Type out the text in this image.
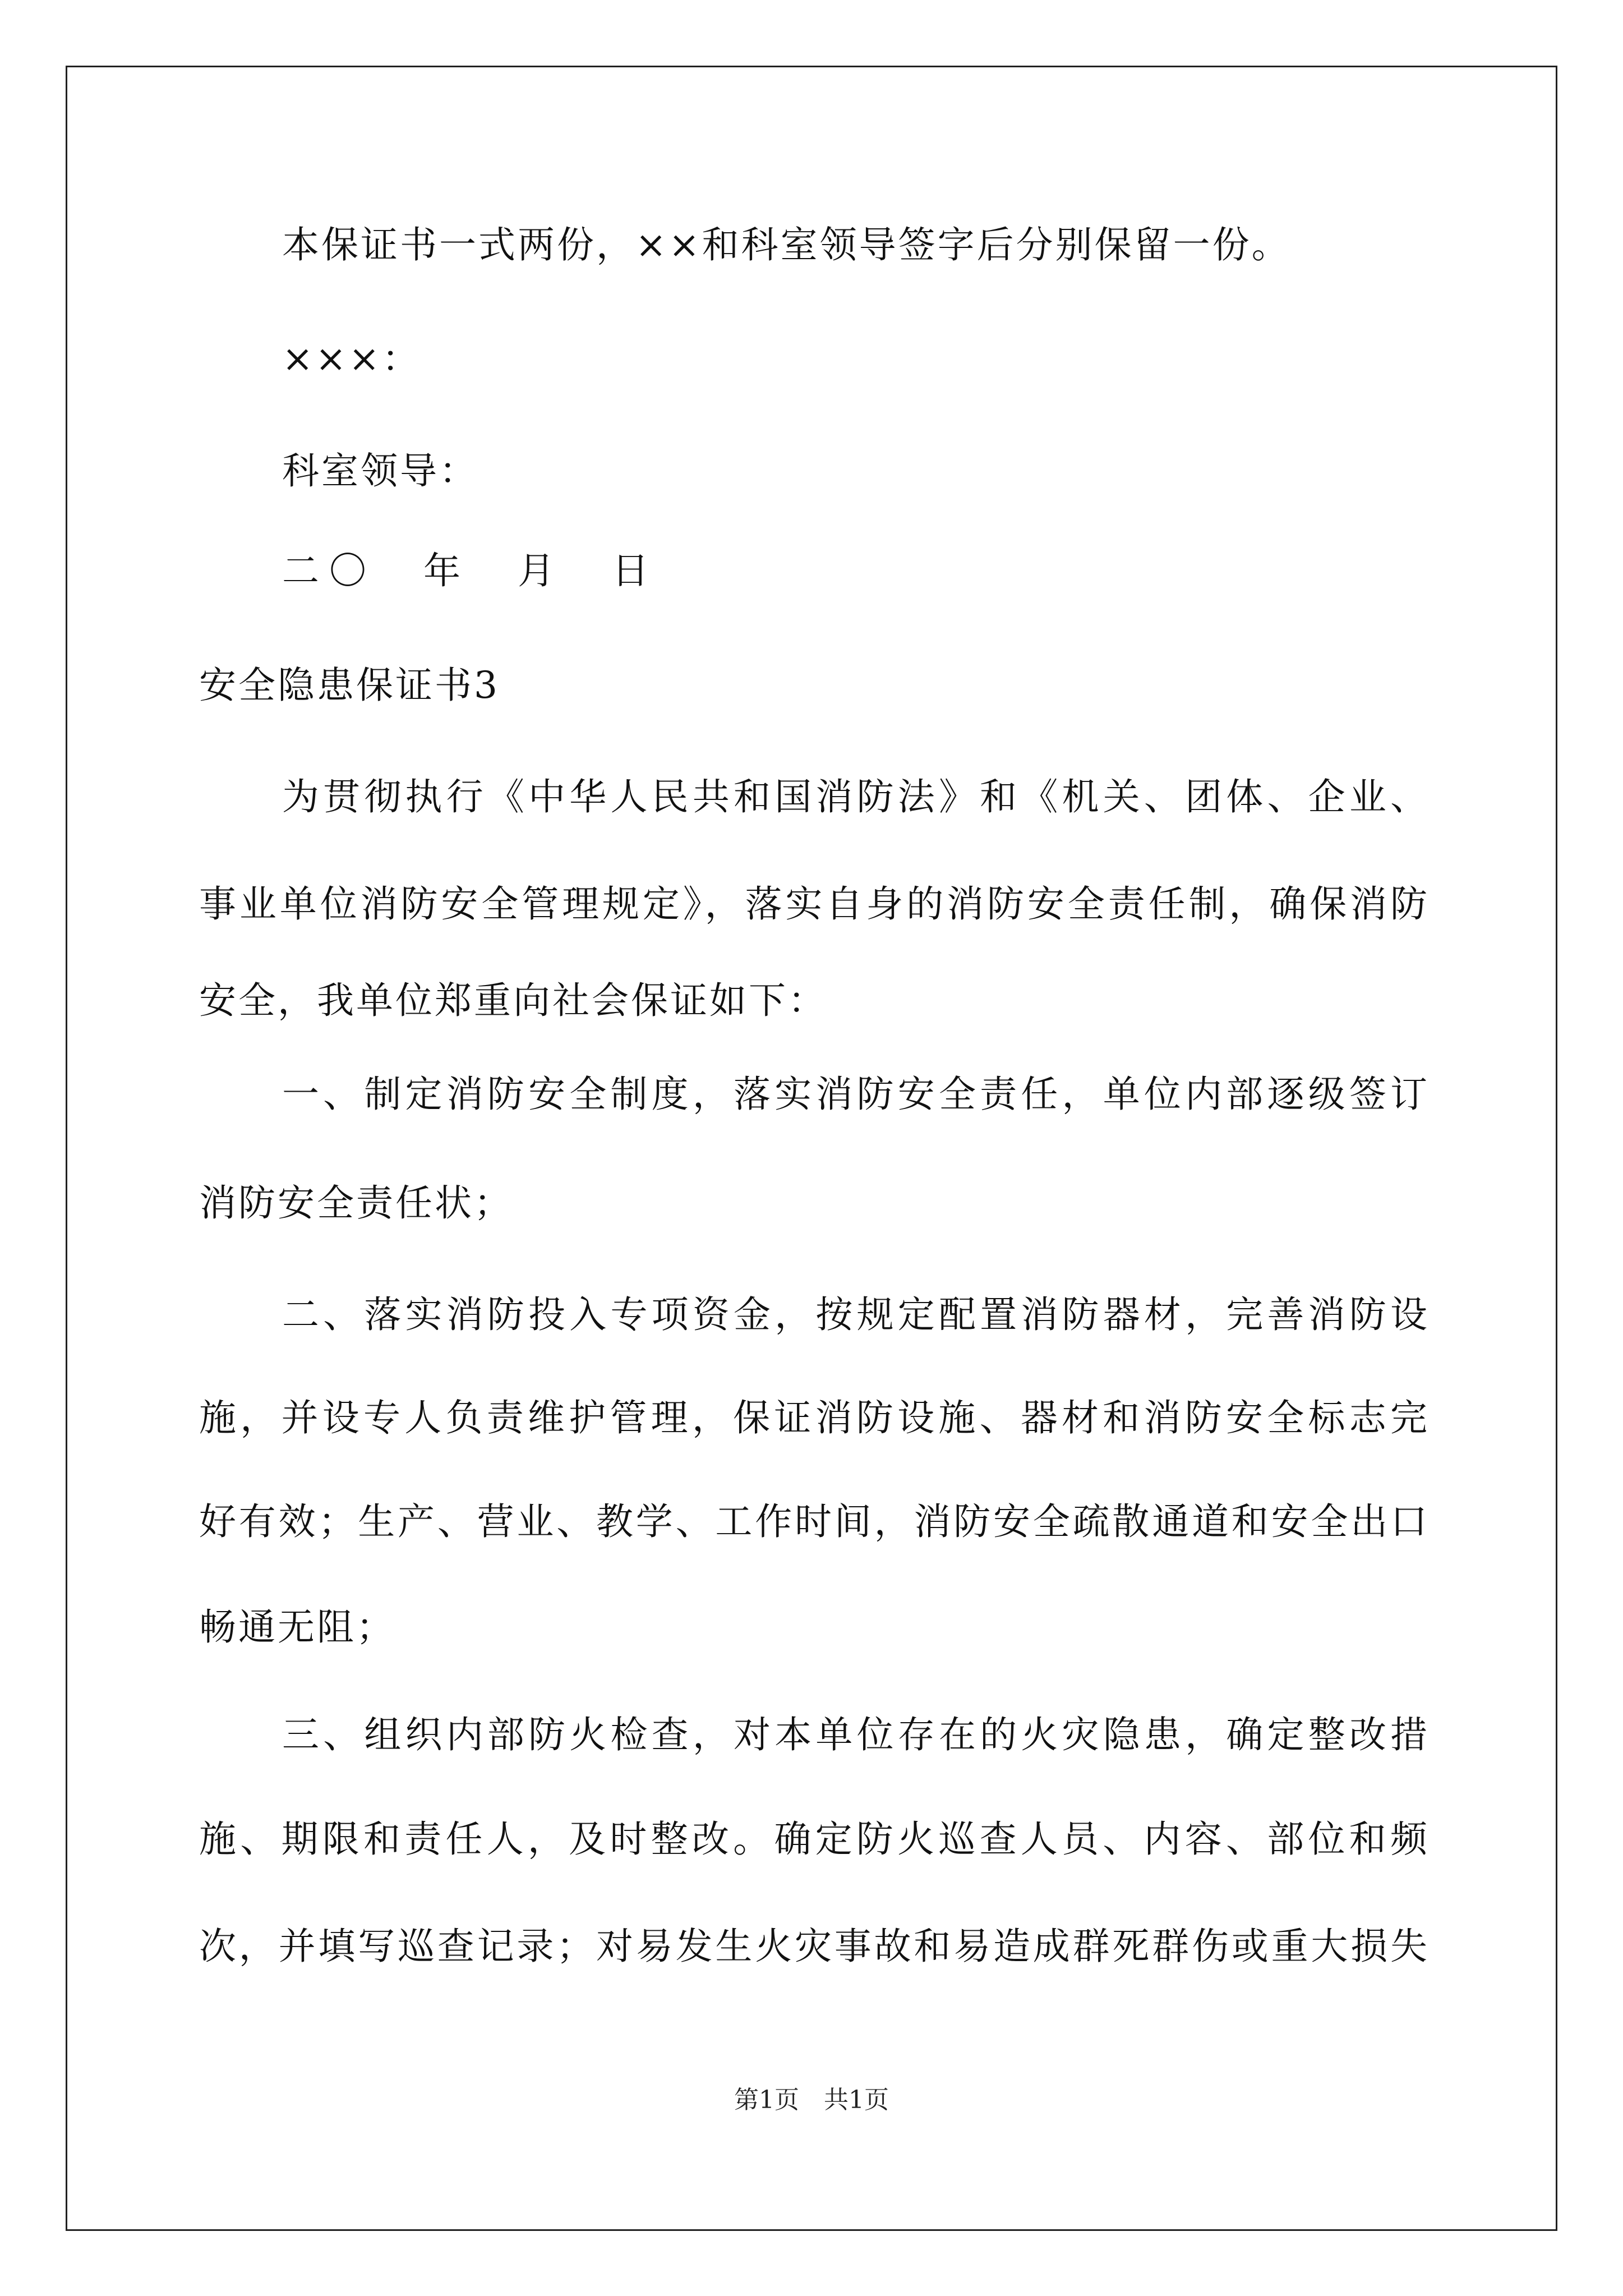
本保证书一式两份，××和科室领导签字后分别保留一份。
×××：
科室领导：
二〇　年　月　日
安全隐患保证书3
为贯彻执行《中华人民共和国消防法》和《机关、团体、企业、
事业单位消防安全管理规定》，落实自身的消防安全责任制，确保消防
安全，我单位郑重向社会保证如下：
一、制定消防安全制度，落实消防安全责任，单位内部逐级签订
消防安全责任状；
二、落实消防投入专项资金，按规定配置消防器材，完善消防设
施，并设专人负责维护管理，保证消防设施、器材和消防安全标志完
好有效；生产、营业、教学、工作时间，消防安全疏散通道和安全出口
畅通无阻；
三、组织内部防火检查，对本单位存在的火灾隐患，确定整改措
施、期限和责任人，及时整改。确定防火巡查人员、内容、部位和频
次，并填写巡查记录；对易发生火灾事故和易造成群死群伤或重大损失
第1页　共1页
